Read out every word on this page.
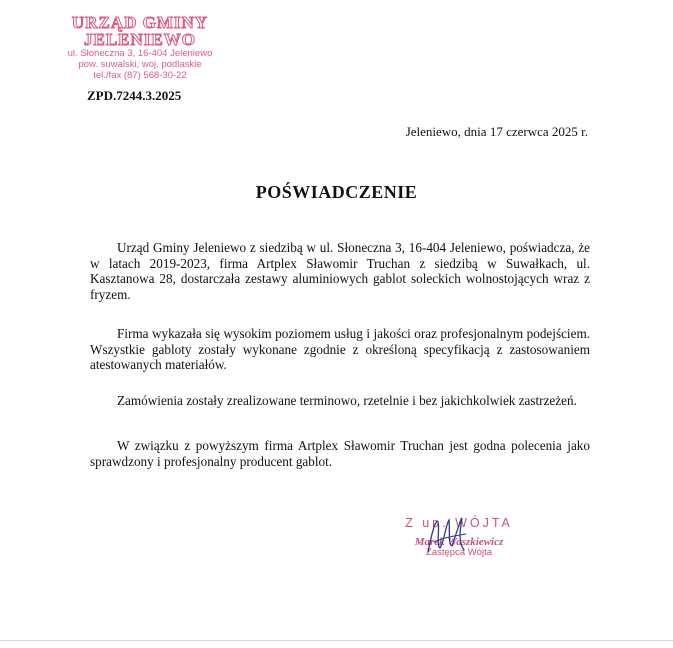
URZĄD GMINY
JELENIEWO
ul. Słoneczna 3, 16-404 Jeleniewo
pow. suwalski, woj. podlaskie
tel./fax (87) 568-30-22
ZPD.7244.3.2025
Jeleniewo, dnia 17 czerwca 2025 r.
POŚWIADCZENIE
Urząd Gminy Jeleniewo z siedzibą w ul. Słoneczna 3, 16-404 Jeleniewo, poświadcza, że w latach 2019-2023, firma Artplex Sławomir Truchan z siedzibą w Suwałkach, ul. Kasztanowa 28, dostarczała zestawy aluminiowych gablot soleckich wolnostojących wraz z fryzem.
Firma wykazała się wysokim poziomem usług i jakości oraz profesjonalnym podejściem. Wszystkie gabloty zostały wykonane zgodnie z określoną specyfikacją z zastosowaniem atestowanych materiałów.
Zamówienia zostały zrealizowane terminowo, rzetelnie i bez jakichkolwiek zastrzeżeń.
W związku z powyższym firma Artplex Sławomir Truchan jest godna polecenia jako sprawdzony i profesjonalny producent gablot.
Z up. WÓJTA
Marek Waszkiewicz
Zastępca Wójta
